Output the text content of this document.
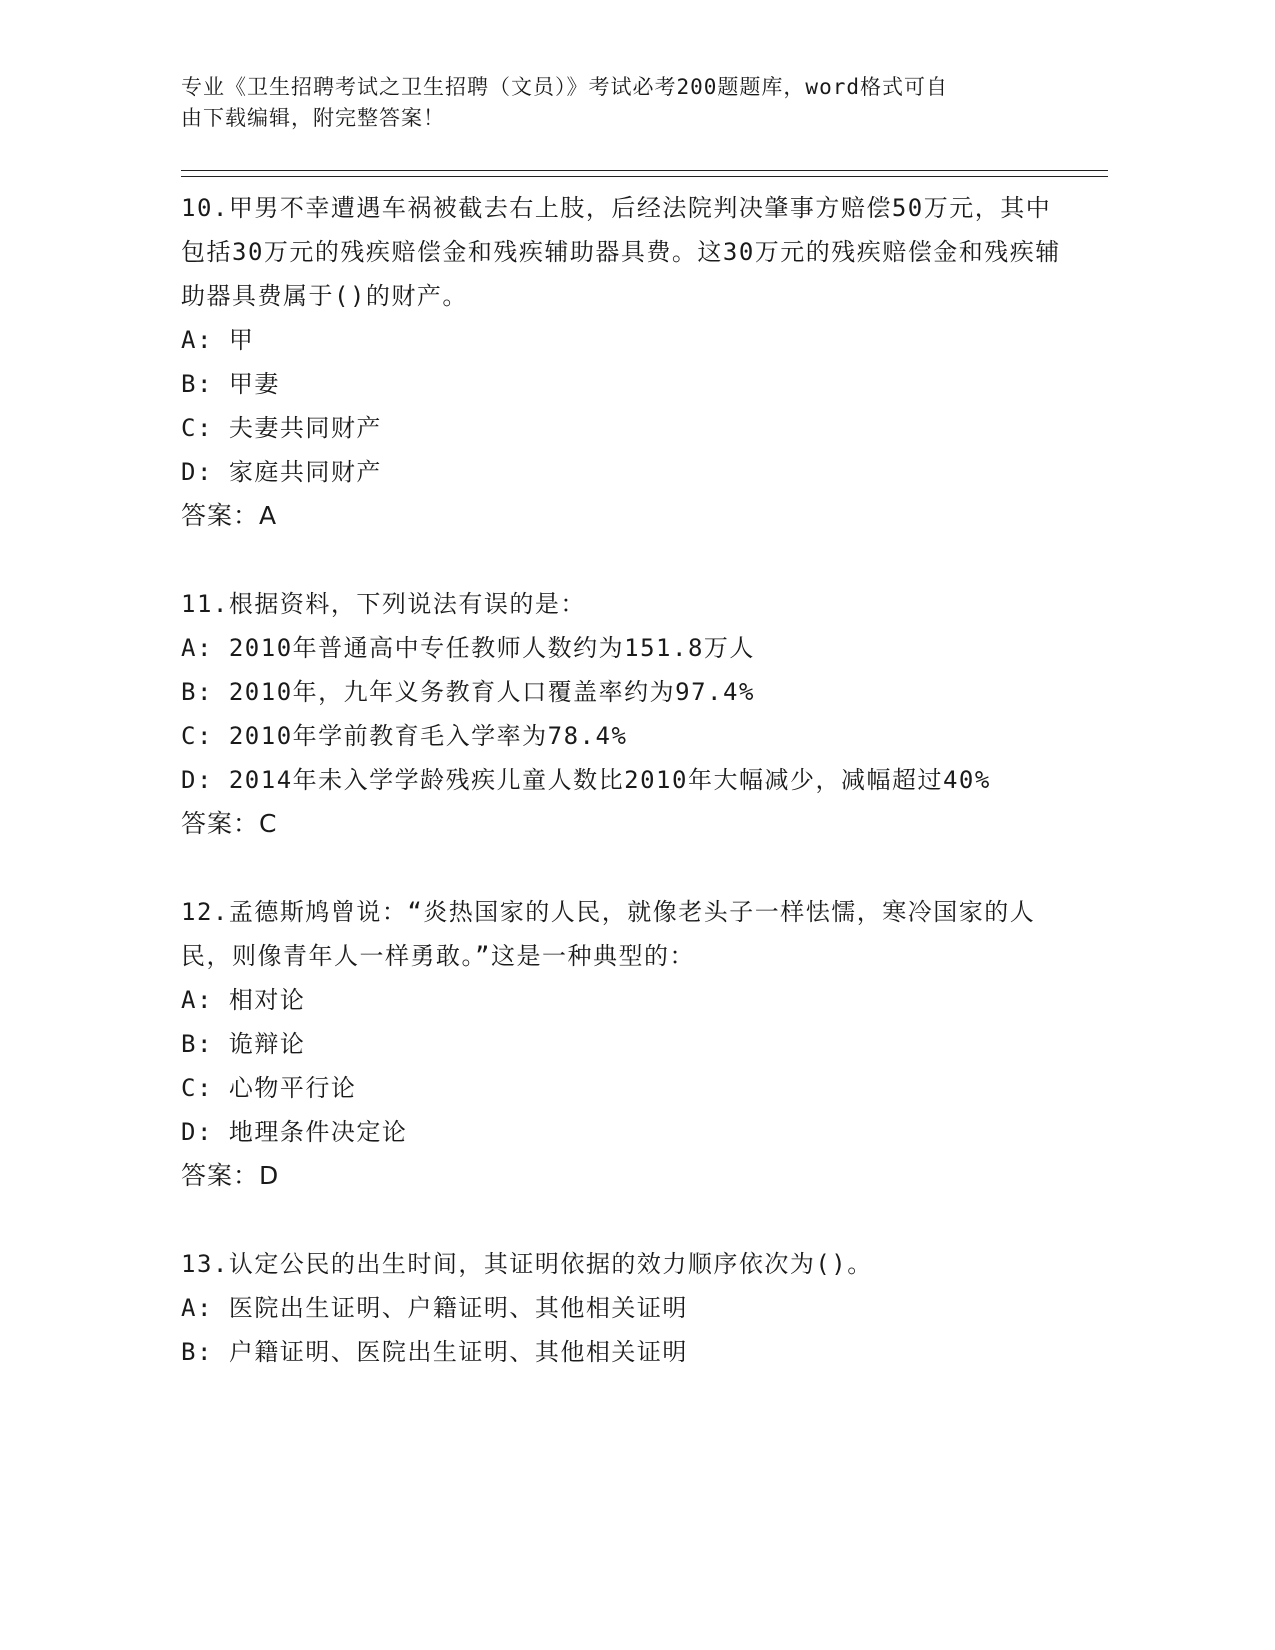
专业《卫生招聘考试之卫生招聘（文员）》考试必考200题题库，word格式可自
由下载编辑，附完整答案！

10.甲男不幸遭遇车祸被截去右上肢，后经法院判决肇事方赔偿50万元，其中包括30万元的残疾赔偿金和残疾辅助器具费。这30万元的残疾赔偿金和残疾辅助器具费属于()的财产。

A: 甲
B: 甲妻
C: 夫妻共同财产
D: 家庭共同财产
答案：A

11.根据资料，下列说法有误的是：

A: 2010年普通高中专任教师人数约为151.8万人
B: 2010年，九年义务教育人口覆盖率约为97.4%
C: 2010年学前教育毛入学率为78.4%
D: 2014年未入学学龄残疾儿童人数比2010年大幅减少，减幅超过40%
答案：C

12.孟德斯鸠曾说：“炎热国家的人民，就像老头子一样怯懦，寒冷国家的人民，则像青年人一样勇敢。”这是一种典型的：

A: 相对论
B: 诡辩论
C: 心物平行论
D: 地理条件决定论
答案：D

13.认定公民的出生时间，其证明依据的效力顺序依次为()。

A: 医院出生证明、户籍证明、其他相关证明
B: 户籍证明、医院出生证明、其他相关证明
